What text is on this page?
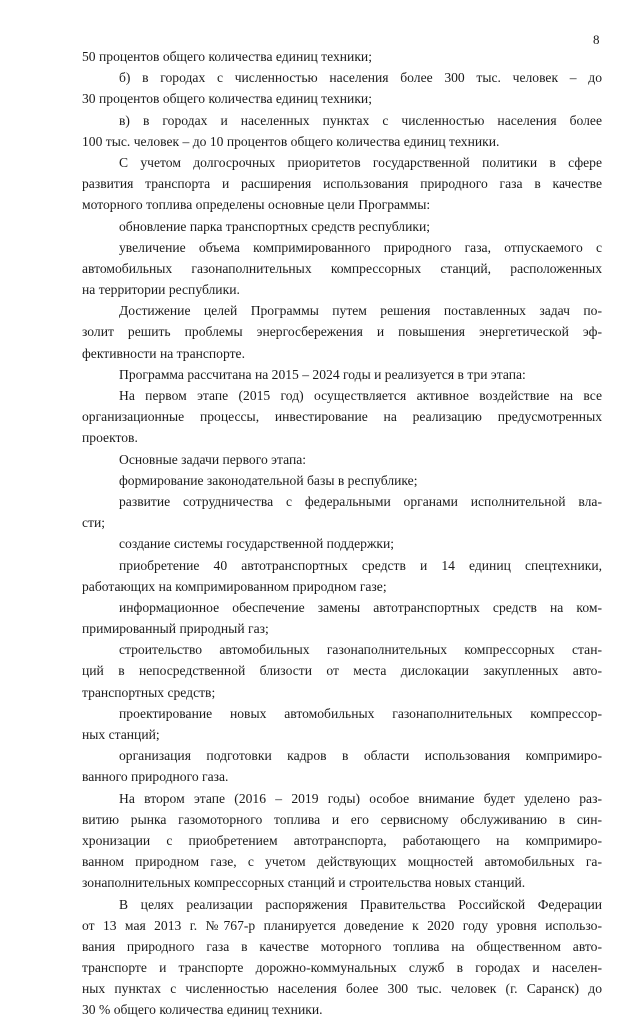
8
50 процентов общего количества единиц техники;
б) в городах с численностью населения более 300 тыс. человек – до
30 процентов общего количества единиц техники;
в) в городах и населенных пунктах с численностью населения более
100 тыс. человек – до 10 процентов общего количества единиц техники.
С учетом долгосрочных приоритетов государственной политики в сфере
развития транспорта и расширения использования природного газа в качестве
моторного топлива определены основные цели Программы:
обновление парка транспортных средств республики;
увеличение объема компримированного природного газа, отпускаемого с
автомобильных газонаполнительных компрессорных станций, расположенных
на территории республики.
Достижение целей Программы путем решения поставленных задач по-
золит решить проблемы энергосбережения и повышения энергетической эф-
фективности на транспорте.
Программа рассчитана на 2015 – 2024 годы и реализуется в три этапа:
На первом этапе (2015 год) осуществляется активное воздействие на все
организационные процессы, инвестирование на реализацию предусмотренных
проектов.
Основные задачи первого этапа:
формирование законодательной базы в республике;
развитие сотрудничества с федеральными органами исполнительной вла-
сти;
создание системы государственной поддержки;
приобретение 40 автотранспортных средств и 14 единиц спецтехники,
работающих на компримированном природном газе;
информационное обеспечение замены автотранспортных средств на ком-
примированный природный газ;
строительство автомобильных газонаполнительных компрессорных стан-
ций в непосредственной близости от места дислокации закупленных авто-
транспортных средств;
проектирование новых автомобильных газонаполнительных компрессор-
ных станций;
организация подготовки кадров в области использования компримиро-
ванного природного газа.
На втором этапе (2016 – 2019 годы) особое внимание будет уделено раз-
витию рынка газомоторного топлива и его сервисному обслуживанию в син-
хронизации с приобретением автотранспорта, работающего на компримиро-
ванном природном газе, с учетом действующих мощностей автомобильных га-
зонаполнительных компрессорных станций и строительства новых станций.
В целях реализации распоряжения Правительства Российской Федерации
от 13 мая 2013 г. №767-р планируется доведение к 2020 году уровня использо-
вания природного газа в качестве моторного топлива на общественном авто-
транспорте и транспорте дорожно-коммунальных служб в городах и населен-
ных пунктах с численностью населения более 300 тыс. человек (г. Саранск) до
30 % общего количества единиц техники.
